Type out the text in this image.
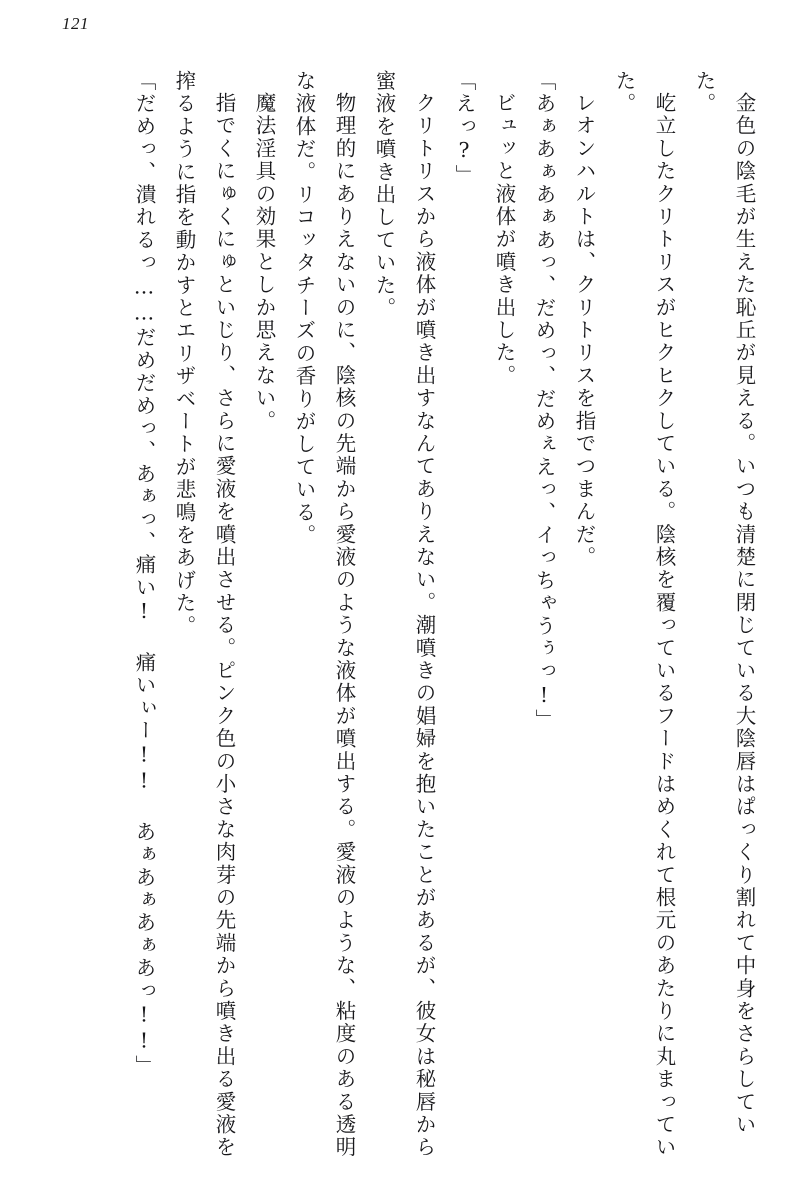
121

金色の陰毛が生えた恥丘が見える。いつも清楚に閉じている大陰唇はぱっくり割れて中身をさらしていた。

屹立したクリトリスがヒクヒクしている。陰核を覆っているフードはめくれて根元のあたりに丸まっていた。

レオンハルトは、クリトリスを指でつまんだ。

「あぁあぁあぁあっ、だめっ、だめぇえっ、イっちゃうぅっ!」

ビュッと液体が噴き出した。

「えっ?」

クリトリスから液体が噴き出すなんてありえない。潮噴きの娼婦を抱いたことがあるが、彼女は秘唇から蜜液を噴き出していた。

物理的にありえないのに、陰核の先端から愛液のような液体が噴出する。愛液のような、粘度のある透明な液体だ。リコッタチーズの香りがしている。

魔法淫具の効果としか思えない。

指でくにゅくにゅといじり、さらに愛液を噴出させる。ピンク色の小さな肉芽の先端から噴き出る愛液を搾るように指を動かすとエリザベートが悲鳴をあげた。

「だめっ、潰れるっ……だめだめっ、あぁっ、痛い! 痛いぃー!! あぁあぁあぁあっ!!」
